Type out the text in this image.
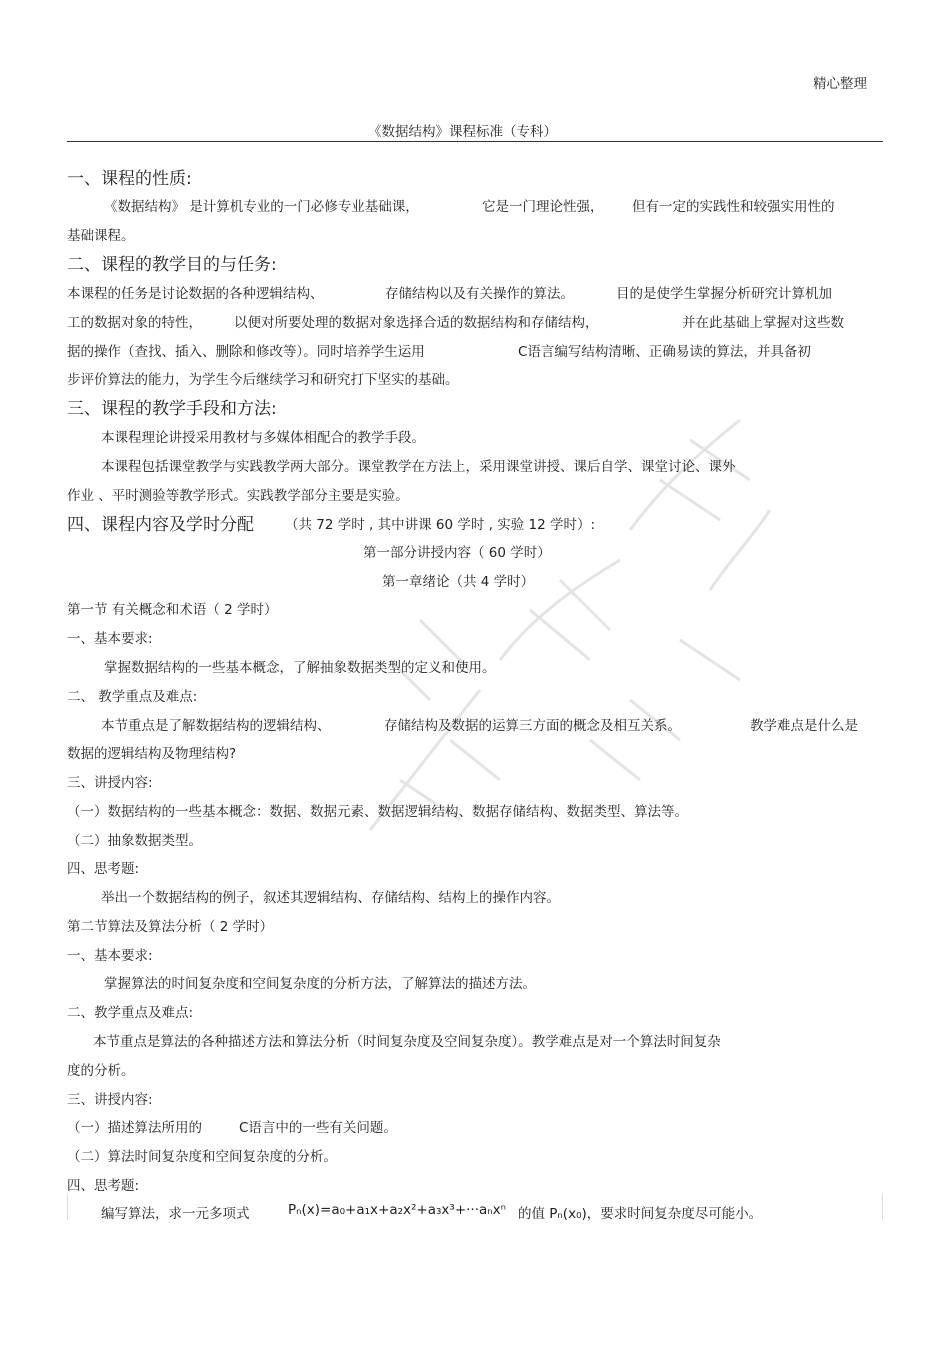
精心整理
《数据结构》课程标准（专科）
一、课程的性质:
《数据结构》 是计算机专业的一门必修专业基础课，	它是一门理论性强， 但有一定的实践性和较强实用性的
基础课程。
二、课程的教学目的与任务:
本课程的任务是讨论数据的各种逻辑结构、	存储结构以及有关操作的算法。	目的是使学生掌握分析研究计算机加
工的数据对象的特性， 以便对所要处理的数据对象选择合适的数据结构和存储结构，	并在此基础上掌握对这些数
据的操作（查找、插入、删除和修改等）。同时培养学生运用	C语言编写结构清晰、正确易读的算法，并具备初
步评价算法的能力，为学生今后继续学习和研究打下坚实的基础。
三、课程的教学手段和方法:
本课程理论讲授采用教材与多媒体相配合的教学手段。
本课程包括课堂教学与实践教学两大部分。课堂教学在方法上，采用课堂讲授、课后自学、课堂讨论、课外
作业 、平时测验等教学形式。实践教学部分主要是实验。
四、课程内容及学时分配 （共 72 学时 , 其中讲课 60 学时 , 实验 12 学时）:
第一部分讲授内容（ 60 学时）
第一章绪论（共 4 学时）
第一节 有关概念和术语（ 2 学时）
一、基本要求:
掌握数据结构的一些基本概念，了解抽象数据类型的定义和使用。
二、 教学重点及难点:
本节重点是了解数据结构的逻辑结构、	存储结构及数据的运算三方面的概念及相互关系。	教学难点是什么是
数据的逻辑结构及物理结构?
三、讲授内容:
（一）数据结构的一些基本概念：数据、数据元素、数据逻辑结构、数据存储结构、数据类型、算法等。
（二）抽象数据类型。
四、思考题:
举出一个数据结构的例子，叙述其逻辑结构、存储结构、结构上的操作内容。
第二节算法及算法分析（ 2 学时）
一、基本要求:
掌握算法的时间复杂度和空间复杂度的分析方法，了解算法的描述方法。
二、教学重点及难点:
本节重点是算法的各种描述方法和算法分析（时间复杂度及空间复杂度）。教学难点是对一个算法时间复杂
度的分析。
三、讲授内容:
（一）描述算法所用的	C语言中的一些有关问题。
（二）算法时间复杂度和空间复杂度的分析。
四、思考题:
编写算法，求一元多项式	Pₙ(x)=a₀+a₁x+a₂x²+a₃x³+···aₙxⁿ 的值 Pₙ(x₀)，要求时间复杂度尽可能小。
